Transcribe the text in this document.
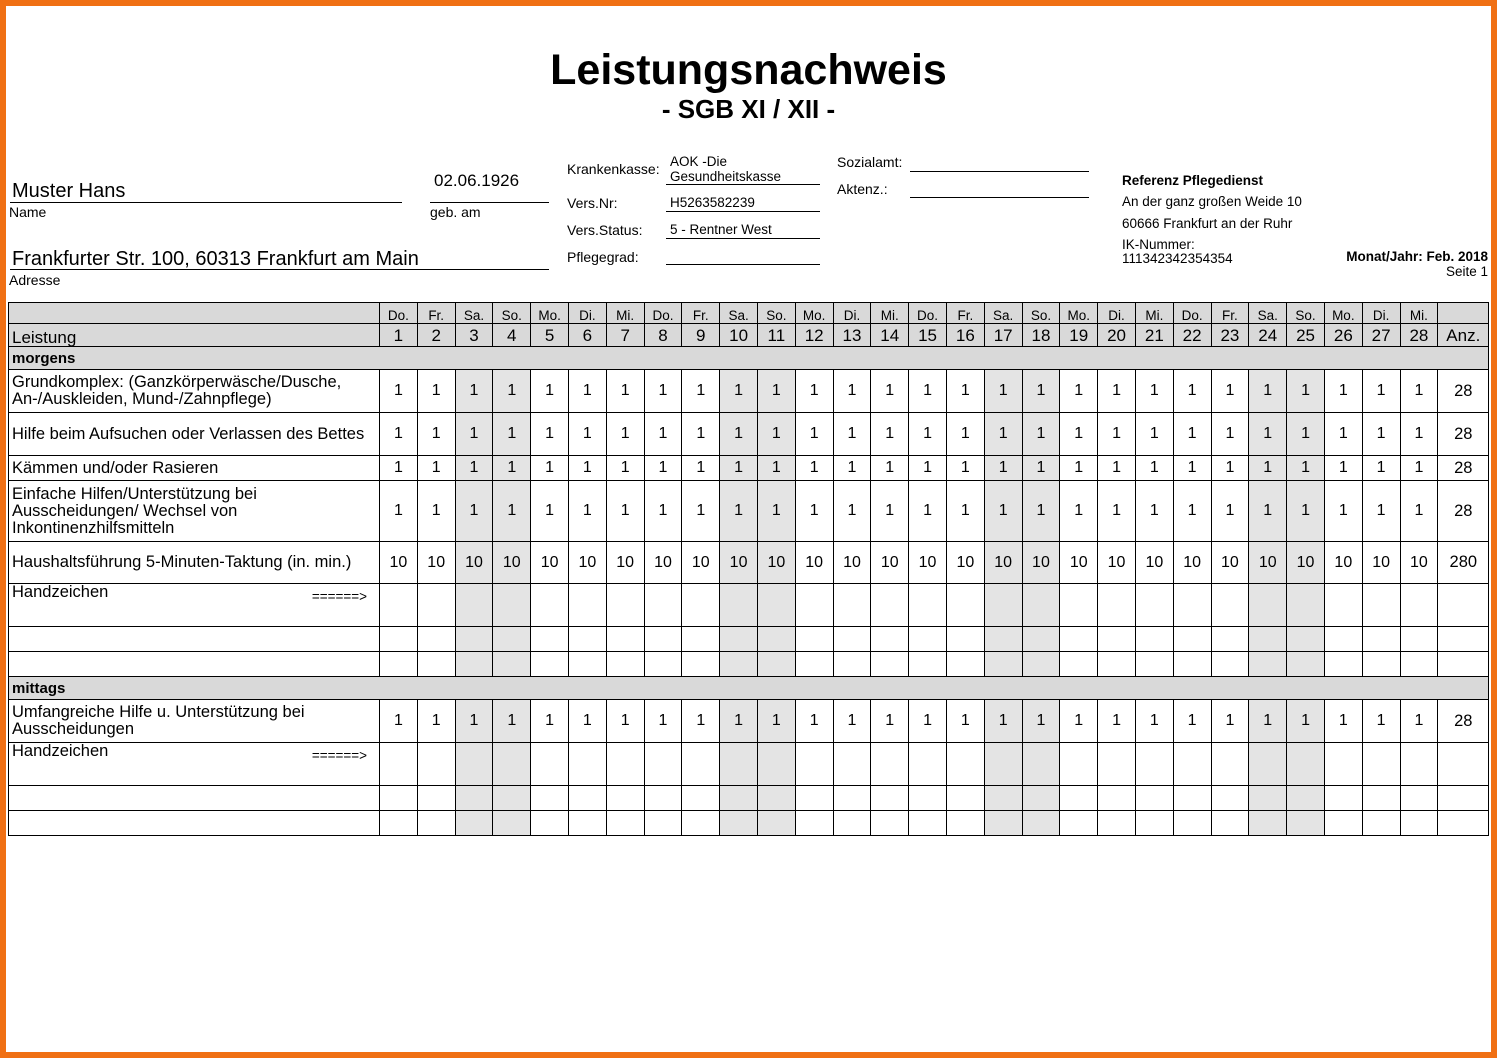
Leistungsnachweis
- SGB XI / XII -
Muster Hans
Name
02.06.1926
geb. am
Frankfurter Str. 100, 60313 Frankfurt am Main
Adresse
Krankenkasse: AOK -Die
Gesundheitskasse
Vers.Nr:	H5263582239
Vers.Status: 5 - Rentner West
Pflegegrad:
Sozialamt:
Aktenz.:
Referenz Pflegedienst
An der ganz großen Weide 10
60666 Frankfurt an der Ruhr
IK-Nummer:
111342342354354	Monat/Jahr: Feb. 2018
Seite 1
	Do.	Fr.	Sa.	So.	Mo.	Di.	Mi.	Do.	Fr.	Sa.	So.	Mo.	Di.	Mi.	Do.	Fr.	Sa.	So.	Mo.	Di.	Mi.	Do.	Fr.	Sa.	So.	Mo.	Di.	Mi.	
Leistung	1	2	3	4	5	6	7	8	9	10	11	12	13	14	15	16	17	18	19	20	21	22	23	24	25	26	27	28	Anz.
morgens																													
Grundkomplex: (Ganzkörperwäsche/Dusche, An-/Auskleiden, Mund-/Zahnpflege)	1	1	1	1	1	1	1	1	1	1	1	1	1	1	1	1	1	1	1	1	1	1	1	1	1	1	1	1	28
Hilfe beim Aufsuchen oder Verlassen des Bettes	1	1	1	1	1	1	1	1	1	1	1	1	1	1	1	1	1	1	1	1	1	1	1	1	1	1	1	1	28
Kämmen und/oder Rasieren	1	1	1	1	1	1	1	1	1	1	1	1	1	1	1	1	1	1	1	1	1	1	1	1	1	1	1	1	28
Einfache Hilfen/Unterstützung bei Ausscheidungen/ Wechsel von Inkontinenzhilfsmitteln	1	1	1	1	1	1	1	1	1	1	1	1	1	1	1	1	1	1	1	1	1	1	1	1	1	1	1	1	28
Haushaltsführung 5-Minuten-Taktung (in. min.)	10	10	10	10	10	10	10	10	10	10	10	10	10	10	10	10	10	10	10	10	10	10	10	10	10	10	10	10	280

Handzeichen ======>																													

mittags																													
Umfangreiche Hilfe u. Unterstützung bei Ausscheidungen	1	1	1	1	1	1	1	1	1	1	1	1	1	1	1	1	1	1	1	1	1	1	1	1	1	1	1	1	28

Handzeichen ======>																													
